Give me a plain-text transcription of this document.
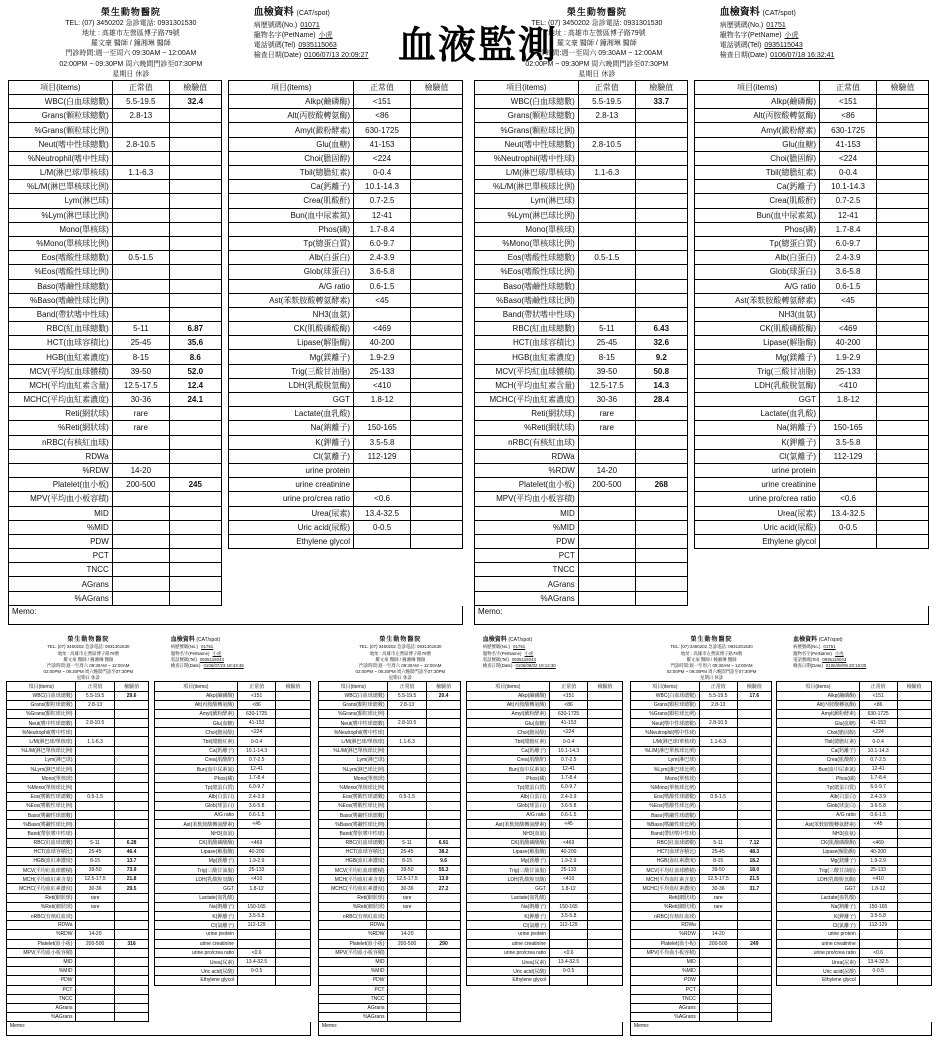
血液監測
榮生動物醫院
TEL: (07) 3450202 急診電話: 0931301530
地址 : 高雄市左營區博子路79號
羅文豪 醫師 / 鐘湘琳 醫師
門診時間:週一至周六 09:30AM ~ 12:00AM
02:00PM ~ 09:30PM 周六晚間門診至07:30PM
星期日 休診
血檢資料 (CAT/spot)
病歷號碼(No.) 01071
寵物名字(PetName) 小虎
電話號碼(Tel) 0935115063
檢查日期(Date) 0106/07/13 20:09:27
項目(items)	正常值	檢驗值		項目(items)	正常值	檢驗值
WBC(白血球總數)	5.5-19.5	32.4		Alkp(鹼磷酶)	<151	
Grans(顆粒球總數)	2.8-13			Alt(丙胺酸轉氨酶)	<86	
%Grans(顆粒球比例)				Amyl(澱粉酵素)	630-1725	
Neut(嗜中性球總數)	2.8-10.5			Glu(血糖)	41-153	
%Neutrophil(嗜中性球)				Choi(膽固醇)	<224	
L/M(淋巴球/單核球)	1.1-6.3			Tbil(總膽紅素)	0-0.4	
%L/M(淋巴單核球比例)				Ca(鈣離子)	10.1-14.3	
Lym(淋巴球)				Crea(肌酸酐)	0.7-2.5	
%Lym(淋巴球比例)				Bun(血中尿素氮)	12-41	
Mono(單核球)				Phos(磷)	1.7-8.4	
%Mono(單核球比例)				Tp(總蛋白質)	6.0-9.7	
Eos(嗜酸性球總數)	0.5-1.5			Alb(白蛋白)	2.4-3.9	
%Eos(嗜酸性球比例)				Glob(球蛋白)	3.6-5.8	
Baso(嗜鹼性球總數)				A/G ratio	0.6-1.5	
%Baso(嗜鹼性球比例)				Ast(苯麩胺酸轉氨酵素)	<45	
Band(帶狀嗜中性球)				NH3(血氨)		
RBC(紅血球總數)	5-11	6.87		CK(肌酸磷酸酶)	<469	
HCT(血球容積比)	25-45	35.6		Lipase(解脂酶)	40-200	
HGB(血紅素濃度)	8-15	8.6		Mg(鎂離子)	1.9-2.9	
MCV(平均紅血球體積)	39-50	52.0		Trig(三酸甘油脂)	25-133	
MCH(平均血紅素含量)	12.5-17.5	12.4		LDH(乳酸脫氫酶)	<410	
MCHC(平均血紅素濃度)	30-36	24.1		GGT	1.8-12	
Reti(網狀球)	rare			Lactate(血乳酸)		
%Reti(網狀球)	rare			Na(鈉離子)	150-165	
nRBC(有核紅血球)				K(鉀離子)	3.5-5.8	
RDWa				Cl(氯離子)	112-129	
%RDW	14-20			urine protein		
Platelet(血小板)	200-500	245		urine creatinine		
MPV(平均血小板容積)				urine pro/crea ratio	<0.6	
MID				Urea(尿素)	13.4-32.5	
%MID				Uric acid(尿酸)	0-0.5	
PDW				Ethylene glycol		
PCT						
TNCC						
AGrans						
%AGrans						
Memo:
榮生動物醫院
TEL: (07) 3450202 急診電話: 0931301530
地址 : 高雄市左營區博子路79號
羅文豪 醫師 / 鐘湘琳 醫師
門診時間:週一至周六 09:30AM ~ 12:00AM
02:00PM ~ 09:30PM 周六晚間門診至07:30PM
星期日 休診
血檢資料 (CAT/spot)
病歷號碼(No.) 01751
寵物名字(PetName) 小虎
電話號碼(Tel) 0935115043
檢查日期(Date) 0106/07/18 16:32:41
項目(items)	正常值	檢驗值		項目(items)	正常值	檢驗值
WBC(白血球總數)	5.5-19.5	33.7		Alkp(鹼磷酶)	<151	
Grans(顆粒球總數)	2.8-13			Alt(丙胺酸轉氨酶)	<86	
%Grans(顆粒球比例)				Amyl(澱粉酵素)	630-1725	
Neut(嗜中性球總數)	2.8-10.5			Glu(血糖)	41-153	
%Neutrophil(嗜中性球)				Choi(膽固醇)	<224	
L/M(淋巴球/單核球)	1.1-6.3			Tbil(總膽紅素)	0-0.4	
%L/M(淋巴單核球比例)				Ca(鈣離子)	10.1-14.3	
Lym(淋巴球)				Crea(肌酸酐)	0.7-2.5	
%Lym(淋巴球比例)				Bun(血中尿素氮)	12-41	
Mono(單核球)				Phos(磷)	1.7-8.4	
%Mono(單核球比例)				Tp(總蛋白質)	6.0-9.7	
Eos(嗜酸性球總數)	0.5-1.5			Alb(白蛋白)	2.4-3.9	
%Eos(嗜酸性球比例)				Glob(球蛋白)	3.6-5.8	
Baso(嗜鹼性球總數)				A/G ratio	0.6-1.5	
%Baso(嗜鹼性球比例)				Ast(苯麩胺酸轉氨酵素)	<45	
Band(帶狀嗜中性球)				NH3(血氨)		
RBC(紅血球總數)	5-11	6.43		CK(肌酸磷酸酶)	<469	
HCT(血球容積比)	25-45	32.6		Lipase(解脂酶)	40-200	
HGB(血紅素濃度)	8-15	9.2		Mg(鎂離子)	1.9-2.9	
MCV(平均紅血球體積)	39-50	50.8		Trig(三酸甘油脂)	25-133	
MCH(平均血紅素含量)	12.5-17.5	14.3		LDH(乳酸脫氫酶)	<410	
MCHC(平均血紅素濃度)	30-36	28.4		GGT	1.8-12	
Reti(網狀球)	rare			Lactate(血乳酸)		
%Reti(網狀球)	rare			Na(鈉離子)	150-165	
nRBC(有核紅血球)				K(鉀離子)	3.5-5.8	
RDWa				Cl(氯離子)	112-129	
%RDW	14-20			urine protein		
Platelet(血小板)	200-500	268		urine creatinine		
MPV(平均血小板容積)				urine pro/crea ratio	<0.6	
MID				Urea(尿素)	13.4-32.5	
%MID				Uric acid(尿酸)	0-0.5	
PDW				Ethylene glycol		
PCT						
TNCC						
AGrans						
%AGrans						
Memo:
榮生動物醫院
TEL: (07) 3450202 急診電話: 0931301530
地址 : 高雄市左營區博子路79號
羅文豪 醫師 / 鐘湘琳 醫師
門診時間:週一至周六 09:30AM ~ 12:00AM
02:00PM ~ 09:30PM 周六晚間門診至07:30PM
星期日 休診
血檢資料 (CAT/spot)
病歷號碼(No.) 01751
寵物名字(PetName) 小虎
電話號碼(Tel) 0935115043
檢查日期(Date) 0106/07/23 18:43:49
項目(items)	正常值	檢驗值		項目(items)	正常值	檢驗值
WBC(白血球總數)	5.5-19.5	29.6		Alkp(鹼磷酶)	<151	
Grans(顆粒球總數)	2.8-13			Alt(丙胺酸轉氨酶)	<86	
%Grans(顆粒球比例)				Amyl(澱粉酵素)	630-1725	
Neut(嗜中性球總數)	2.8-10.5			Glu(血糖)	41-153	
%Neutrophil(嗜中性球)				Choi(膽固醇)	<224	
L/M(淋巴球/單核球)	1.1-6.3			Tbil(總膽紅素)	0-0.4	
%L/M(淋巴單核球比例)				Ca(鈣離子)	10.1-14.3	
Lym(淋巴球)				Crea(肌酸酐)	0.7-2.5	
%Lym(淋巴球比例)				Bun(血中尿素氮)	12-41	
Mono(單核球)				Phos(磷)	1.7-8.4	
%Mono(單核球比例)				Tp(總蛋白質)	6.0-9.7	
Eos(嗜酸性球總數)	0.5-1.5			Alb(白蛋白)	2.4-3.9	
%Eos(嗜酸性球比例)				Glob(球蛋白)	3.6-5.8	
Baso(嗜鹼性球總數)				A/G ratio	0.6-1.5	
%Baso(嗜鹼性球比例)				Ast(苯麩胺酸轉氨酵素)	<45	
Band(帶狀嗜中性球)				NH3(血氨)		
RBC(紅血球總數)	5-11	6.28		CK(肌酸磷酸酶)	<469	
HCT(血球容積比)	25-45	46.4		Lipase(解脂酶)	40-200	
HGB(血紅素濃度)	8-15	13.7		Mg(鎂離子)	1.9-2.9	
MCV(平均紅血球體積)	39-50	73.9		Trig(三酸甘油脂)	25-133	
MCH(平均血紅素含量)	12.5-17.5	21.8		LDH(乳酸脫氫酶)	<410	
MCHC(平均血紅素濃度)	30-36	29.5		GGT	1.8-12	
Reti(網狀球)	rare			Lactate(血乳酸)		
%Reti(網狀球)	rare			Na(鈉離子)	150-165	
nRBC(有核紅血球)				K(鉀離子)	3.5-5.8	
RDWa				Cl(氯離子)	112-129	
%RDW	14-20			urine protein		
Platelet(血小板)	200-500	316		urine creatinine		
MPV(平均血小板容積)				urine pro/crea ratio	<0.6	
MID				Urea(尿素)	13.4-32.5	
%MID				Uric acid(尿酸)	0-0.5	
PDW				Ethylene glycol		
PCT						
TNCC						
AGrans						
%AGrans						
Memo:
榮生動物醫院
TEL: (07) 3450202 急診電話: 0931301530
地址 : 高雄市左營區博子路79號
羅文豪 醫師 / 鐘湘琳 醫師
門診時間:週一至周六 09:30AM ~ 12:00AM
02:00PM ~ 09:30PM 周六晚間門診至07:30PM
星期日 休診
血檢資料 (CAT/spot)
病歷號碼(No.) 01751
寵物名字(PetName) 小虎
電話號碼(Tel) 0935115043
檢查日期(Date) 0106/08/02 19:12:30
項目(items)	正常值	檢驗值		項目(items)	正常值	檢驗值
WBC(白血球總數)	5.5-19.5	20.4		Alkp(鹼磷酶)	<151	
Grans(顆粒球總數)	2.8-13			Alt(丙胺酸轉氨酶)	<86	
%Grans(顆粒球比例)				Amyl(澱粉酵素)	630-1725	
Neut(嗜中性球總數)	2.8-10.5			Glu(血糖)	41-153	
%Neutrophil(嗜中性球)				Choi(膽固醇)	<224	
L/M(淋巴球/單核球)	1.1-6.3			Tbil(總膽紅素)	0-0.4	
%L/M(淋巴單核球比例)				Ca(鈣離子)	10.1-14.3	
Lym(淋巴球)				Crea(肌酸酐)	0.7-2.5	
%Lym(淋巴球比例)				Bun(血中尿素氮)	12-41	
Mono(單核球)				Phos(磷)	1.7-8.4	
%Mono(單核球比例)				Tp(總蛋白質)	6.0-9.7	
Eos(嗜酸性球總數)	0.5-1.5			Alb(白蛋白)	2.4-3.9	
%Eos(嗜酸性球比例)				Glob(球蛋白)	3.6-5.8	
Baso(嗜鹼性球總數)				A/G ratio	0.6-1.5	
%Baso(嗜鹼性球比例)				Ast(苯麩胺酸轉氨酵素)	<45	
Band(帶狀嗜中性球)				NH3(血氨)		
RBC(紅血球總數)	5-11	6.91		CK(肌酸磷酸酶)	<469	
HCT(血球容積比)	25-45	38.2		Lipase(解脂酶)	40-200	
HGB(血紅素濃度)	8-15	9.6		Mg(鎂離子)	1.9-2.9	
MCV(平均紅血球體積)	39-50	55.3		Trig(三酸甘油脂)	25-133	
MCH(平均血紅素含量)	12.5-17.5	13.9		LDH(乳酸脫氫酶)	<410	
MCHC(平均血紅素濃度)	30-36	27.2		GGT	1.8-12	
Reti(網狀球)	rare			Lactate(血乳酸)		
%Reti(網狀球)	rare			Na(鈉離子)	150-165	
nRBC(有核紅血球)				K(鉀離子)	3.5-5.8	
RDWa				Cl(氯離子)	112-129	
%RDW	14-20			urine protein		
Platelet(血小板)	200-500	290		urine creatinine		
MPV(平均血小板容積)				urine pro/crea ratio	<0.6	
MID				Urea(尿素)	13.4-32.5	
%MID				Uric acid(尿酸)	0-0.5	
PDW				Ethylene glycol		
PCT						
TNCC						
AGrans						
%AGrans						
Memo:
榮生動物醫院
TEL: (07) 3450202 急診電話: 0931301530
地址 : 高雄市左營區博子路79號
羅文豪 醫師 / 鐘湘琳 醫師
門診時間:週一至周六 09:30AM ~ 12:00AM
02:00PM ~ 09:30PM 周六晚間門診至07:30PM
星期日 休診
血檢資料 (CAT/spot)
病歷號碼(No.) 01751
寵物名字(PetName) 小虎
電話號碼(Tel) 0935115043
檢查日期(Date) 0106/08/09 20:15:00
項目(items)	正常值	檢驗值		項目(items)	正常值	檢驗值
WBC(白血球總數)	5.5-19.5	17.6		Alkp(鹼磷酶)	<151	
Grans(顆粒球總數)	2.8-13			Alt(丙胺酸轉氨酶)	<86	
%Grans(顆粒球比例)				Amyl(澱粉酵素)	630-1725	
Neut(嗜中性球總數)	2.8-10.5			Glu(血糖)	41-153	
%Neutrophil(嗜中性球)				Choi(膽固醇)	<224	
L/M(淋巴球/單核球)	1.1-6.3			Tbil(總膽紅素)	0-0.4	
%L/M(淋巴單核球比例)				Ca(鈣離子)	10.1-14.3	
Lym(淋巴球)				Crea(肌酸酐)	0.7-2.5	
%Lym(淋巴球比例)				Bun(血中尿素氮)	12-41	
Mono(單核球)				Phos(磷)	1.7-8.4	
%Mono(單核球比例)				Tp(總蛋白質)	6.0-9.7	
Eos(嗜酸性球總數)	0.5-1.5			Alb(白蛋白)	2.4-3.9	
%Eos(嗜酸性球比例)				Glob(球蛋白)	3.6-5.8	
Baso(嗜鹼性球總數)				A/G ratio	0.6-1.5	
%Baso(嗜鹼性球比例)				Ast(苯麩胺酸轉氨酵素)	<45	
Band(帶狀嗜中性球)				NH3(血氨)		
RBC(紅血球總數)	5-11	7.12		CK(肌酸磷酸酶)	<469	
HCT(血球容積比)	25-45	48.3		Lipase(解脂酶)	40-200	
HGB(血紅素濃度)	8-15	18.2		Mg(鎂離子)	1.9-2.9	
MCV(平均紅血球體積)	39-50	18.0		Trig(三酸甘油脂)	25-133	
MCH(平均血紅素含量)	12.5-17.5	21.5		LDH(乳酸脫氫酶)	<410	
MCHC(平均血紅素濃度)	30-36	31.7		GGT	1.8-12	
Reti(網狀球)	rare			Lactate(血乳酸)		
%Reti(網狀球)	rare			Na(鈉離子)	150-165	
nRBC(有核紅血球)				K(鉀離子)	3.5-5.8	
RDWa				Cl(氯離子)	112-129	
%RDW	14-20			urine protein		
Platelet(血小板)	200-500	249		urine creatinine		
MPV(平均血小板容積)				urine pro/crea ratio	<0.6	
MID				Urea(尿素)	13.4-32.5	
%MID				Uric acid(尿酸)	0-0.5	
PDW				Ethylene glycol		
PCT						
TNCC						
AGrans						
%AGrans						
Memo:
